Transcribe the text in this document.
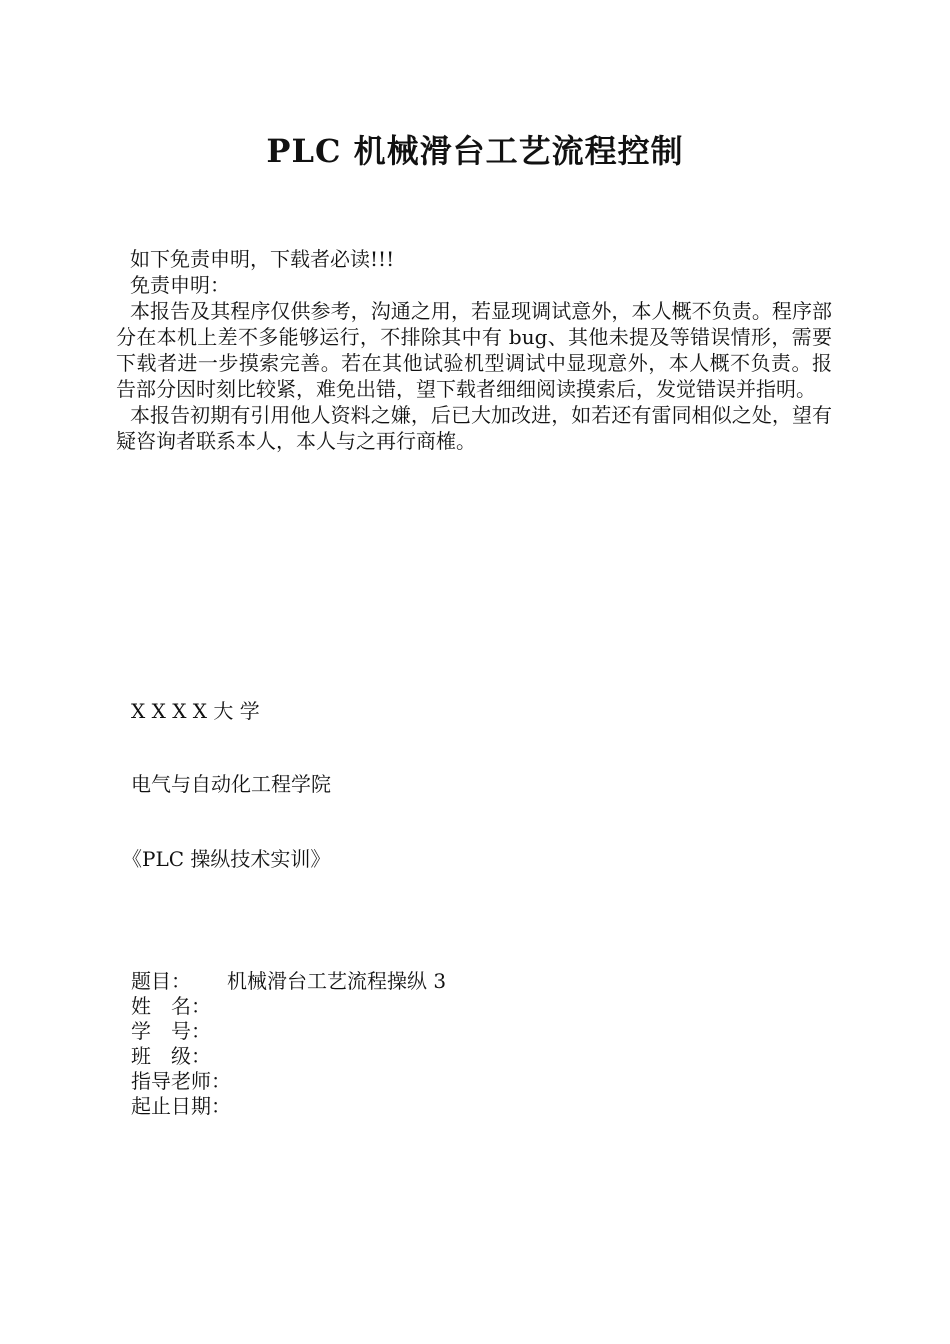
PLC 机械滑台工艺流程控制

如下免责申明，下载者必读!!!

免责申明：

本报告及其程序仅供参考，沟通之用，若显现调试意外，本人概不负责。程序部分在本机上差不多能够运行，不排除其中有 bug、其他未提及等错误情形，需要下载者进一步摸索完善。若在其他试验机型调试中显现意外，本人概不负责。报告部分因时刻比较紧，难免出错，望下载者细细阅读摸索后，发觉错误并指明。

本报告初期有引用他人资料之嫌，后已大加改进，如若还有雷同相似之处，望有疑咨询者联系本人，本人与之再行商榷。

X X X X 大 学
电气与自动化工程学院
《PLC 操纵技术实训》
题目： 机械滑台工艺流程操纵 3
姓　名：
学　号：
班　级：
指导老师：
起止日期：
